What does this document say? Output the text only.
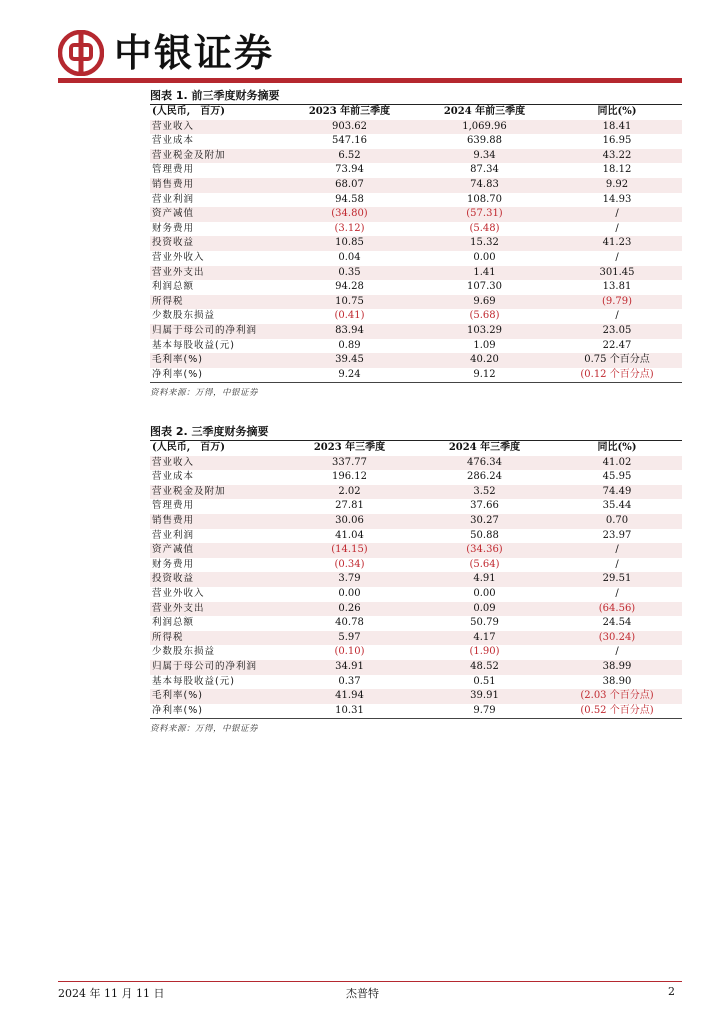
中银证券
图表 1. 前三季度财务摘要
(人民币,　百万)	2023 年前三季度	2024 年前三季度	同比(%)
营业收入	903.62	1,069.96	18.41
营业成本	547.16	639.88	16.95
营业税金及附加	6.52	9.34	43.22
管理费用	73.94	87.34	18.12
销售费用	68.07	74.83	9.92
营业利润	94.58	108.70	14.93
资产减值	(34.80)	(57.31)	/
财务费用	(3.12)	(5.48)	/
投资收益	10.85	15.32	41.23
营业外收入	0.04	0.00	/
营业外支出	0.35	1.41	301.45
利润总额	94.28	107.30	13.81
所得税	10.75	9.69	(9.79)
少数股东损益	(0.41)	(5.68)	/
归属于母公司的净利润	83.94	103.29	23.05
基本每股收益(元)	0.89	1.09	22.47
毛利率(%)	39.45	40.20	0.75 个百分点
净利率(%)	9.24	9.12	(0.12 个百分点)
资料来源：万得，中银证券
图表 2. 三季度财务摘要
(人民币,　百万)	2023 年三季度	2024 年三季度	同比(%)
营业收入	337.77	476.34	41.02
营业成本	196.12	286.24	45.95
营业税金及附加	2.02	3.52	74.49
管理费用	27.81	37.66	35.44
销售费用	30.06	30.27	0.70
营业利润	41.04	50.88	23.97
资产减值	(14.15)	(34.36)	/
财务费用	(0.34)	(5.64)	/
投资收益	3.79	4.91	29.51
营业外收入	0.00	0.00	/
营业外支出	0.26	0.09	(64.56)
利润总额	40.78	50.79	24.54
所得税	5.97	4.17	(30.24)
少数股东损益	(0.10)	(1.90)	/
归属于母公司的净利润	34.91	48.52	38.99
基本每股收益(元)	0.37	0.51	38.90
毛利率(%)	41.94	39.91	(2.03 个百分点)
净利率(%)	10.31	9.79	(0.52 个百分点)
资料来源：万得，中银证券
2024 年 11 月 11 日	杰普特	2
